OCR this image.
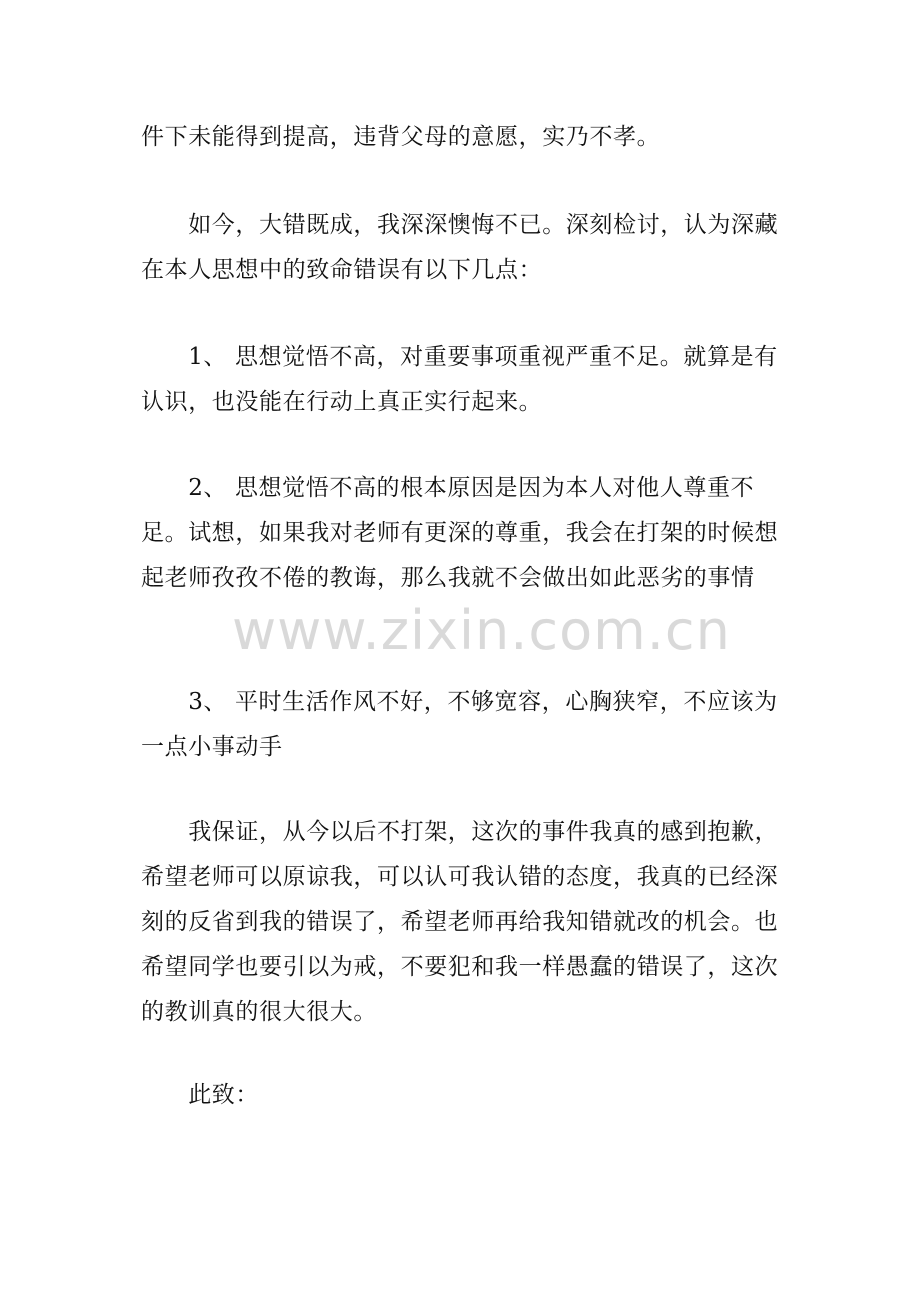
件下未能得到提高，违背父母的意愿，实乃不孝。

　　如今，大错既成，我深深懊悔不已。深刻检讨，认为深藏在本人思想中的致命错误有以下几点：

　　1、 思想觉悟不高，对重要事项重视严重不足。就算是有认识，也没能在行动上真正实行起来。

　　2、 思想觉悟不高的根本原因是因为本人对他人尊重不足。试想，如果我对老师有更深的尊重，我会在打架的时候想起老师孜孜不倦的教诲，那么我就不会做出如此恶劣的事情

　　3、 平时生活作风不好，不够宽容，心胸狭窄，不应该为一点小事动手

　　我保证，从今以后不打架，这次的事件我真的感到抱歉，希望老师可以原谅我，可以认可我认错的态度，我真的已经深刻的反省到我的错误了，希望老师再给我知错就改的机会。也希望同学也要引以为戒，不要犯和我一样愚蠢的错误了，这次的教训真的很大很大。

　　此致：

www.zixin.com.cn
